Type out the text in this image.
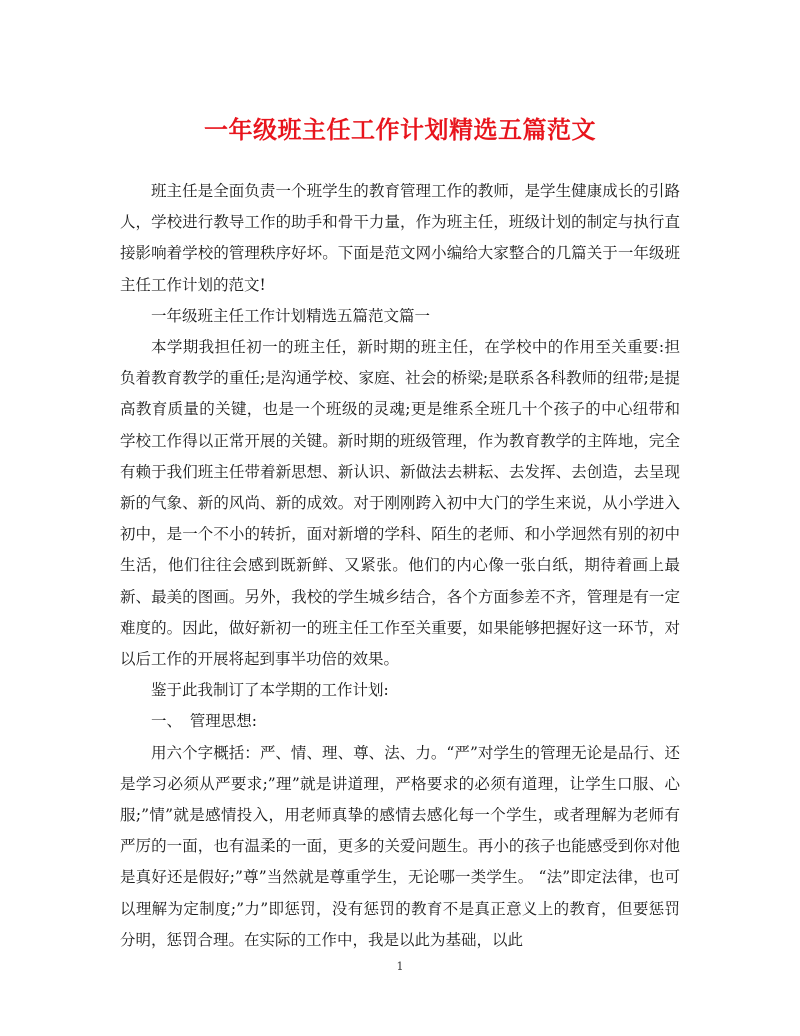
一年级班主任工作计划精选五篇范文

班主任是全面负责一个班学生的教育管理工作的教师，是学生健康成长的引路人，学校进行教导工作的助手和骨干力量，作为班主任，班级计划的制定与执行直接影响着学校的管理秩序好坏。下面是范文网小编给大家整合的几篇关于一年级班主任工作计划的范文!

一年级班主任工作计划精选五篇范文篇一

本学期我担任初一的班主任，新时期的班主任，在学校中的作用至关重要:担负着教育教学的重任;是沟通学校、家庭、社会的桥梁;是联系各科教师的纽带;是提高教育质量的关键，也是一个班级的灵魂;更是维系全班几十个孩子的中心纽带和学校工作得以正常开展的关键。新时期的班级管理，作为教育教学的主阵地，完全有赖于我们班主任带着新思想、新认识、新做法去耕耘、去发挥、去创造，去呈现新的气象、新的风尚、新的成效。对于刚刚跨入初中大门的学生来说，从小学进入初中，是一个不小的转折，面对新增的学科、陌生的老师、和小学迥然有别的初中生活，他们往往会感到既新鲜、又紧张。他们的内心像一张白纸，期待着画上最新、最美的图画。另外，我校的学生城乡结合，各个方面参差不齐，管理是有一定难度的。因此，做好新初一的班主任工作至关重要，如果能够把握好这一环节，对以后工作的开展将起到事半功倍的效果。

鉴于此我制订了本学期的工作计划:

一、　管理思想:

用六个字概括：严、情、理、尊、法、力。“严”对学生的管理无论是品行、还是学习必须从严要求;”理”就是讲道理，严格要求的必须有道理，让学生口服、心服;”情”就是感情投入，用老师真挚的感情去感化每一个学生，或者理解为老师有严厉的一面，也有温柔的一面，更多的关爱问题生。再小的孩子也能感受到你对他是真好还是假好;”尊”当然就是尊重学生，无论哪一类学生。 “法”即定法律，也可以理解为定制度;”力”即惩罚，没有惩罚的教育不是真正意义上的教育，但要惩罚分明，惩罚合理。在实际的工作中，我是以此为基础，以此

1
